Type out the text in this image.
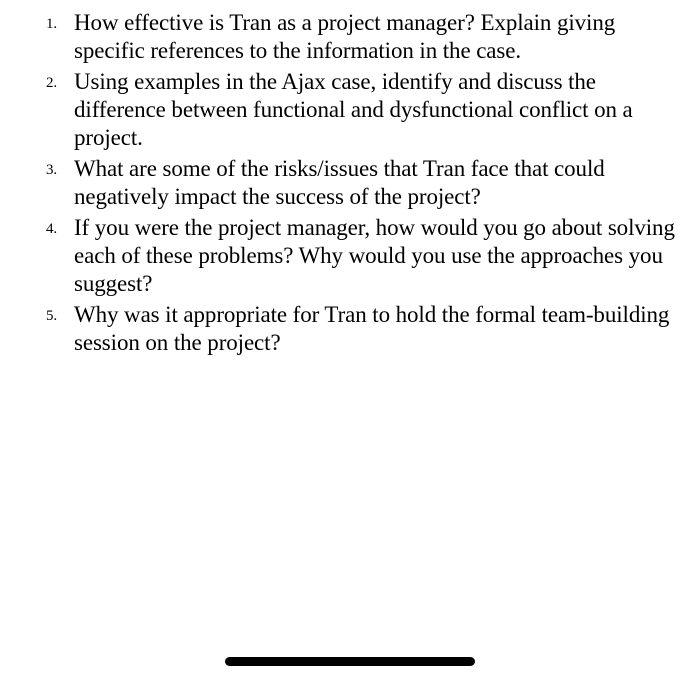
1. How effective is Tran as a project manager? Explain giving specific references to the information in the case.
2. Using examples in the Ajax case, identify and discuss the difference between functional and dysfunctional conflict on a project.
3. What are some of the risks/issues that Tran face that could negatively impact the success of the project?
4. If you were the project manager, how would you go about solving each of these problems? Why would you use the approaches you suggest?
5. Why was it appropriate for Tran to hold the formal team-building session on the project?
